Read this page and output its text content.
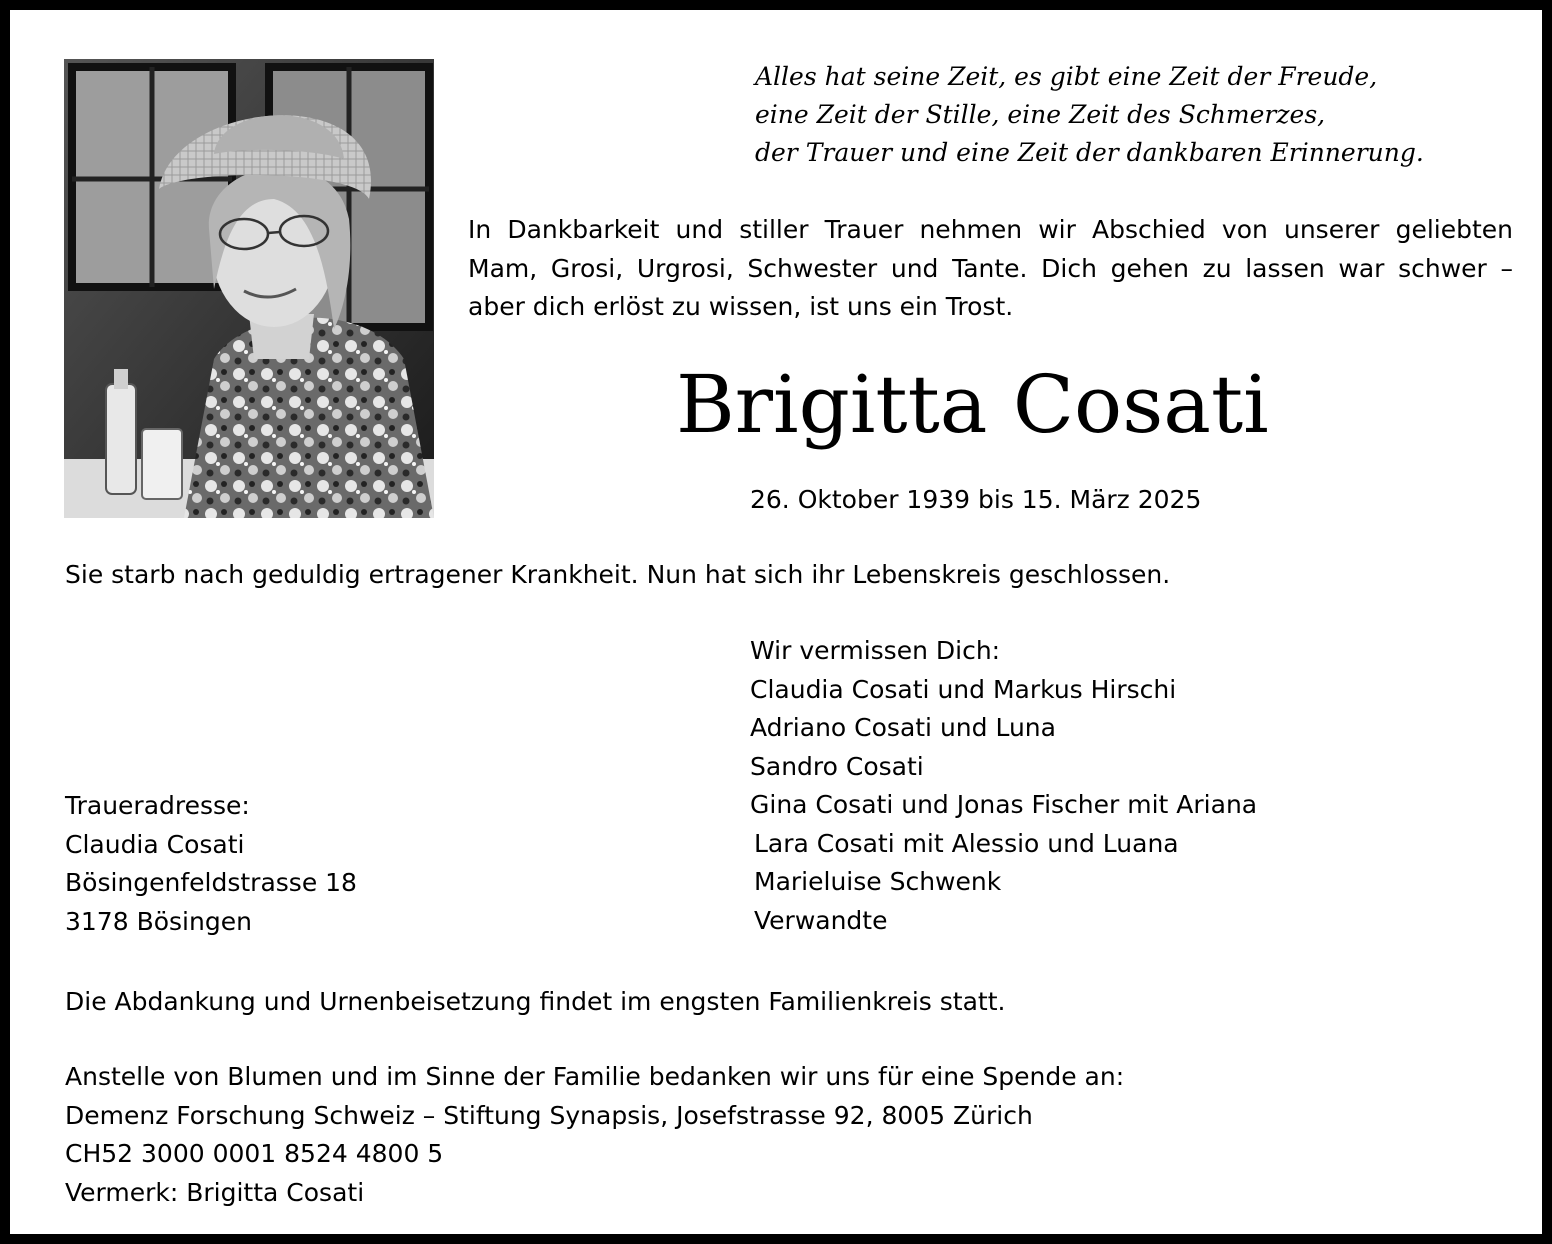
Alles hat seine Zeit, es gibt eine Zeit der Freude,
eine Zeit der Stille, eine Zeit des Schmerzes,
der Trauer und eine Zeit der dankbaren Erinnerung.
In Dankbarkeit und stiller Trauer nehmen wir Abschied von unserer geliebten
Mam, Grosi, Urgrosi, Schwester und Tante. Dich gehen zu lassen war schwer –
aber dich erlöst zu wissen, ist uns ein Trost.
Brigitta Cosati
26. Oktober 1939 bis 15. März 2025
Sie starb nach geduldig ertragener Krankheit. Nun hat sich ihr Lebenskreis geschlossen.
Wir vermissen Dich:
Claudia Cosati und Markus Hirschi
Adriano Cosati und Luna
Sandro Cosati
Gina Cosati und Jonas Fischer mit Ariana
Lara Cosati mit Alessio und Luana
Marieluise Schwenk
Verwandte
Traueradresse:
Claudia Cosati
Bösingenfeldstrasse 18
3178 Bösingen
Die Abdankung und Urnenbeisetzung findet im engsten Familienkreis statt.
Anstelle von Blumen und im Sinne der Familie bedanken wir uns für eine Spende an:
Demenz Forschung Schweiz – Stiftung Synapsis, Josefstrasse 92, 8005 Zürich
CH52 3000 0001 8524 4800 5
Vermerk: Brigitta Cosati
